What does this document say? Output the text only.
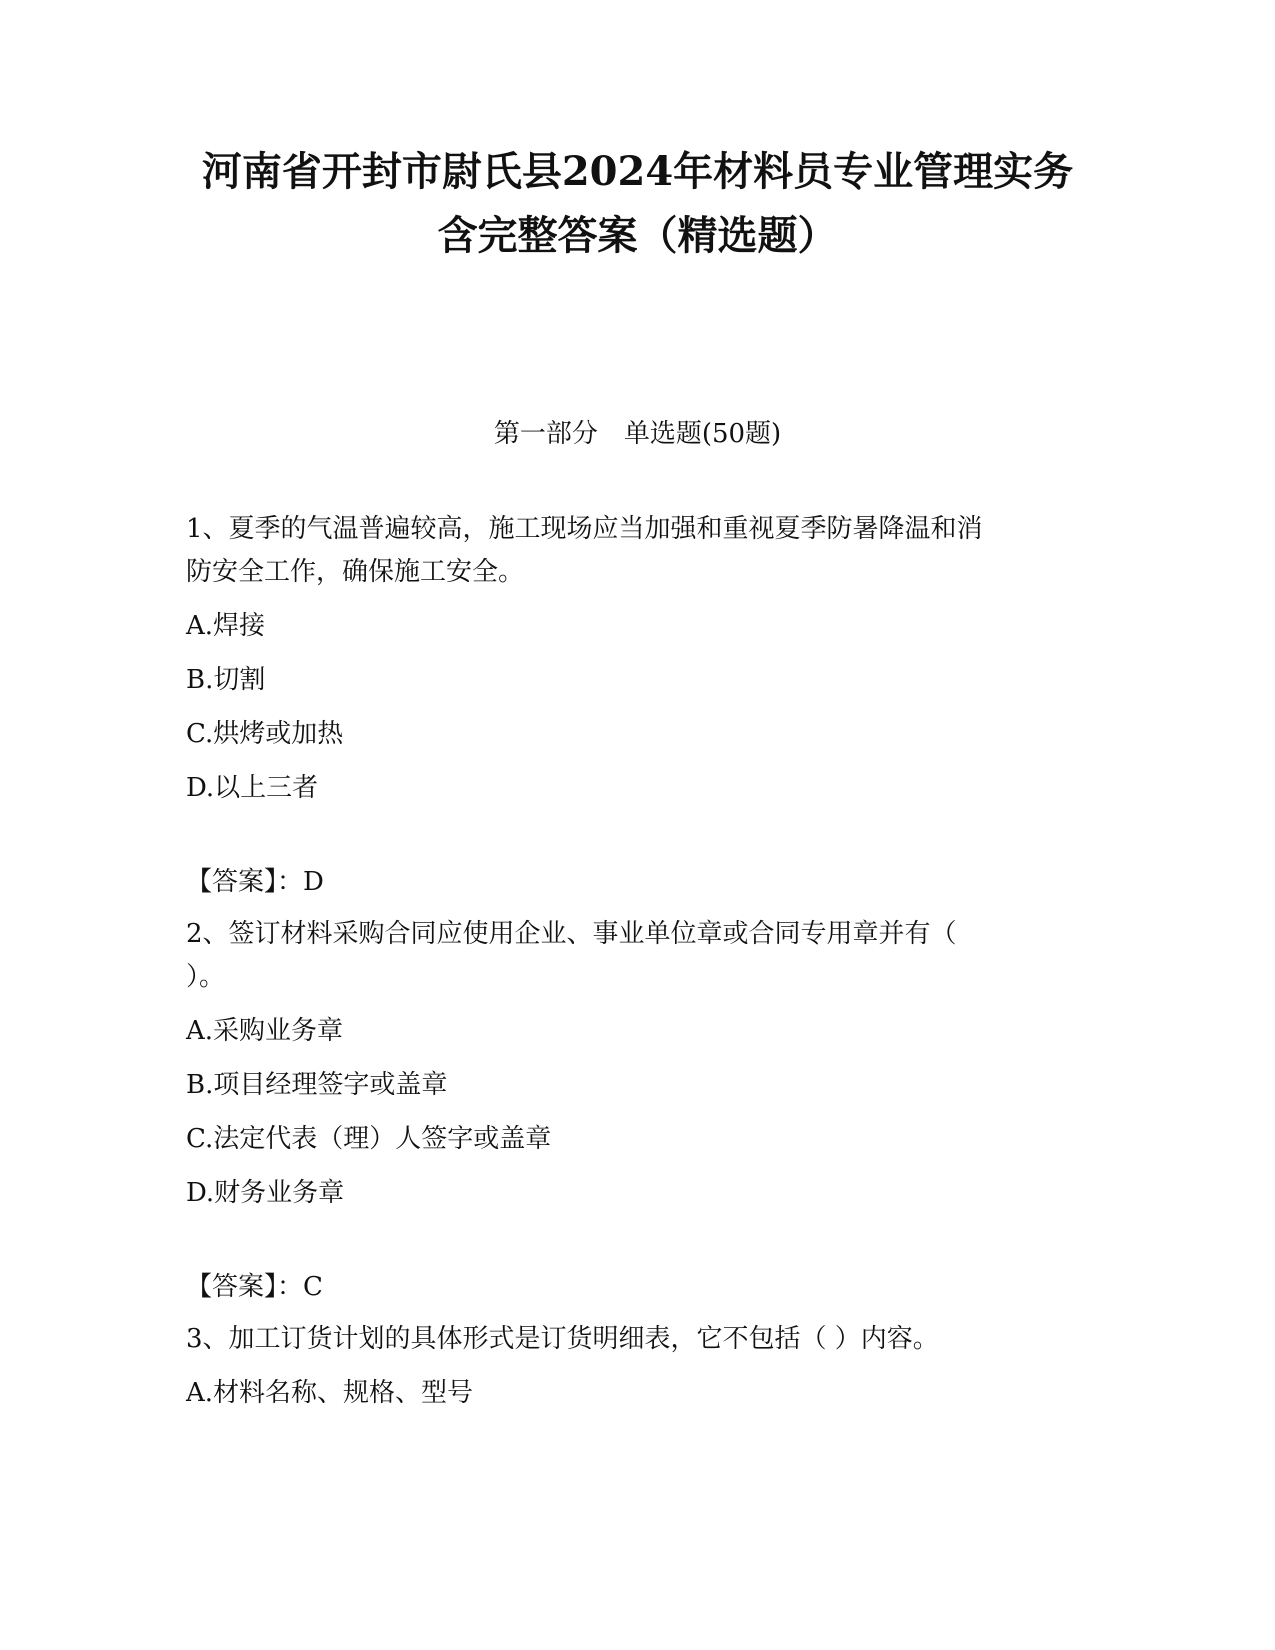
河南省开封市尉氏县2024年材料员专业管理实务
含完整答案（精选题）
第一部分　单选题(50题)
1、夏季的气温普遍较高，施工现场应当加强和重视夏季防暑降温和消
防安全工作，确保施工安全。
A.焊接
B.切割
C.烘烤或加热
D.以上三者
【答案】：D
2、签订材料采购合同应使用企业、事业单位章或合同专用章并有（
）。
A.采购业务章
B.项目经理签字或盖章
C.法定代表（理）人签字或盖章
D.财务业务章
【答案】：C
3、加工订货计划的具体形式是订货明细表，它不包括（ ）内容。
A.材料名称、规格、型号
